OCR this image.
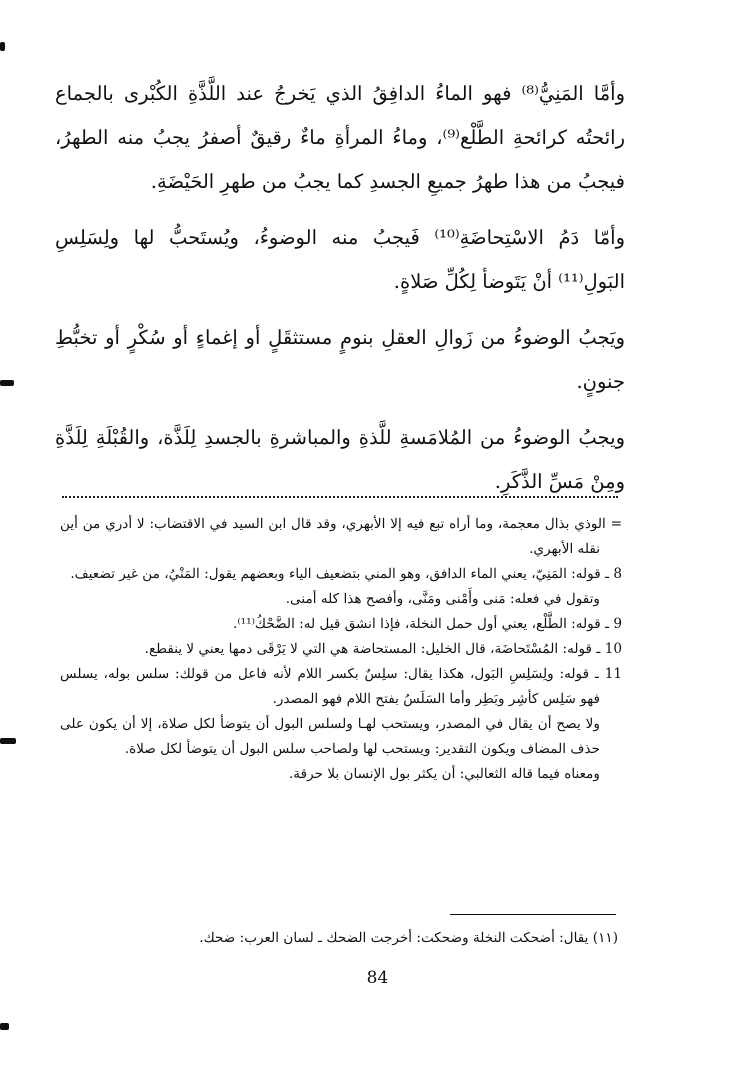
وأمَّا المَنِيُّ⁽⁸⁾ فهو الماءُ الدافِقُ الذي يَخرجُ عند اللَّذَّةِ الكُبْرى بالجماع رائحتُه كرائحةِ الطَّلْع⁽⁹⁾، وماءُ المرأةِ ماءٌ رقيقٌ أصفرُ يجبُ منه الطهرُ، فيجبُ من هذا طهرُ جميعِ الجسدِ كما يجبُ من طهرِ الحَيْضَةِ.

وأمّا دَمُ الاسْتِحاضَةِ⁽¹⁰⁾ فَيجبُ منه الوضوءُ، ويُستَحبُّ لها ولِسَلِسِ البَولِ⁽¹¹⁾ أنْ يَتَوضأ لِكُلِّ صَلاةٍ.

ويَجبُ الوضوءُ من زَوالِ العقلِ بنومٍ مستثقَلٍ أو إغماءٍ أو سُكْرٍ أو تخبُّطِ جنونٍ.

ويجبُ الوضوءُ من المُلامَسةِ للَّذةِ والمباشرةِ بالجسدِ لِلَذَّة، والقُبْلَةِ لِلَذَّةِ ومِنْ مَسِّ الذَّكَرِ.

= الوذي بذال معجمة، وما أراه تبع فيه إلا الأبهري، وقد قال ابن السيد في الاقتضاب: لا أدري من أين نقله الأبهري.

8 ـ قوله: المَنِيّ، يعني الماء الدافق، وهو المني بتضعيف الياء وبعضهم يقول: المَنْيُ، من غير تضعيف.

وتقول في فعله: مَنى وأَمْنى ومَنَّى، وأفصح هذا كله أمنى.

9 ـ قوله: الطَّلْع، يعني أول حمل النخلة، فإذا انشق قيل له: الضَّحْكُ⁽¹¹⁾.

10 ـ قوله: المُسْتَحاضَة، قال الخليل: المستحاضة هي التي لا يَرْقَى دمها يعني لا ينقطع.

11 ـ قوله: ولِسَلِسِ البَول، هكذا يقال: سلِسٌ بكسر اللام لأنه فاعل من قولك: سلس بوله، يسلس فهو سَلِس كأشِر وبَطِر وأما السَلَسُ بفتح اللام فهو المصدر.

ولا يصح أن يقال في المصدر، ويستحب لهـا ولسلس البول أن يتوضأ لكل صلاة، إلا أن يكون على حذف المضاف ويكون التقدير: ويستحب لها ولصاحب سلس البول أن يتوضأ لكل صلاة.

ومعناه فيما قاله الثعالبي: أن يكثر بول الإنسان بلا حرقة.

(١١) يقال: أضحكت النخلة وضحكت: أخرجت الضحك ـ لسان العرب: ضحك.
84
